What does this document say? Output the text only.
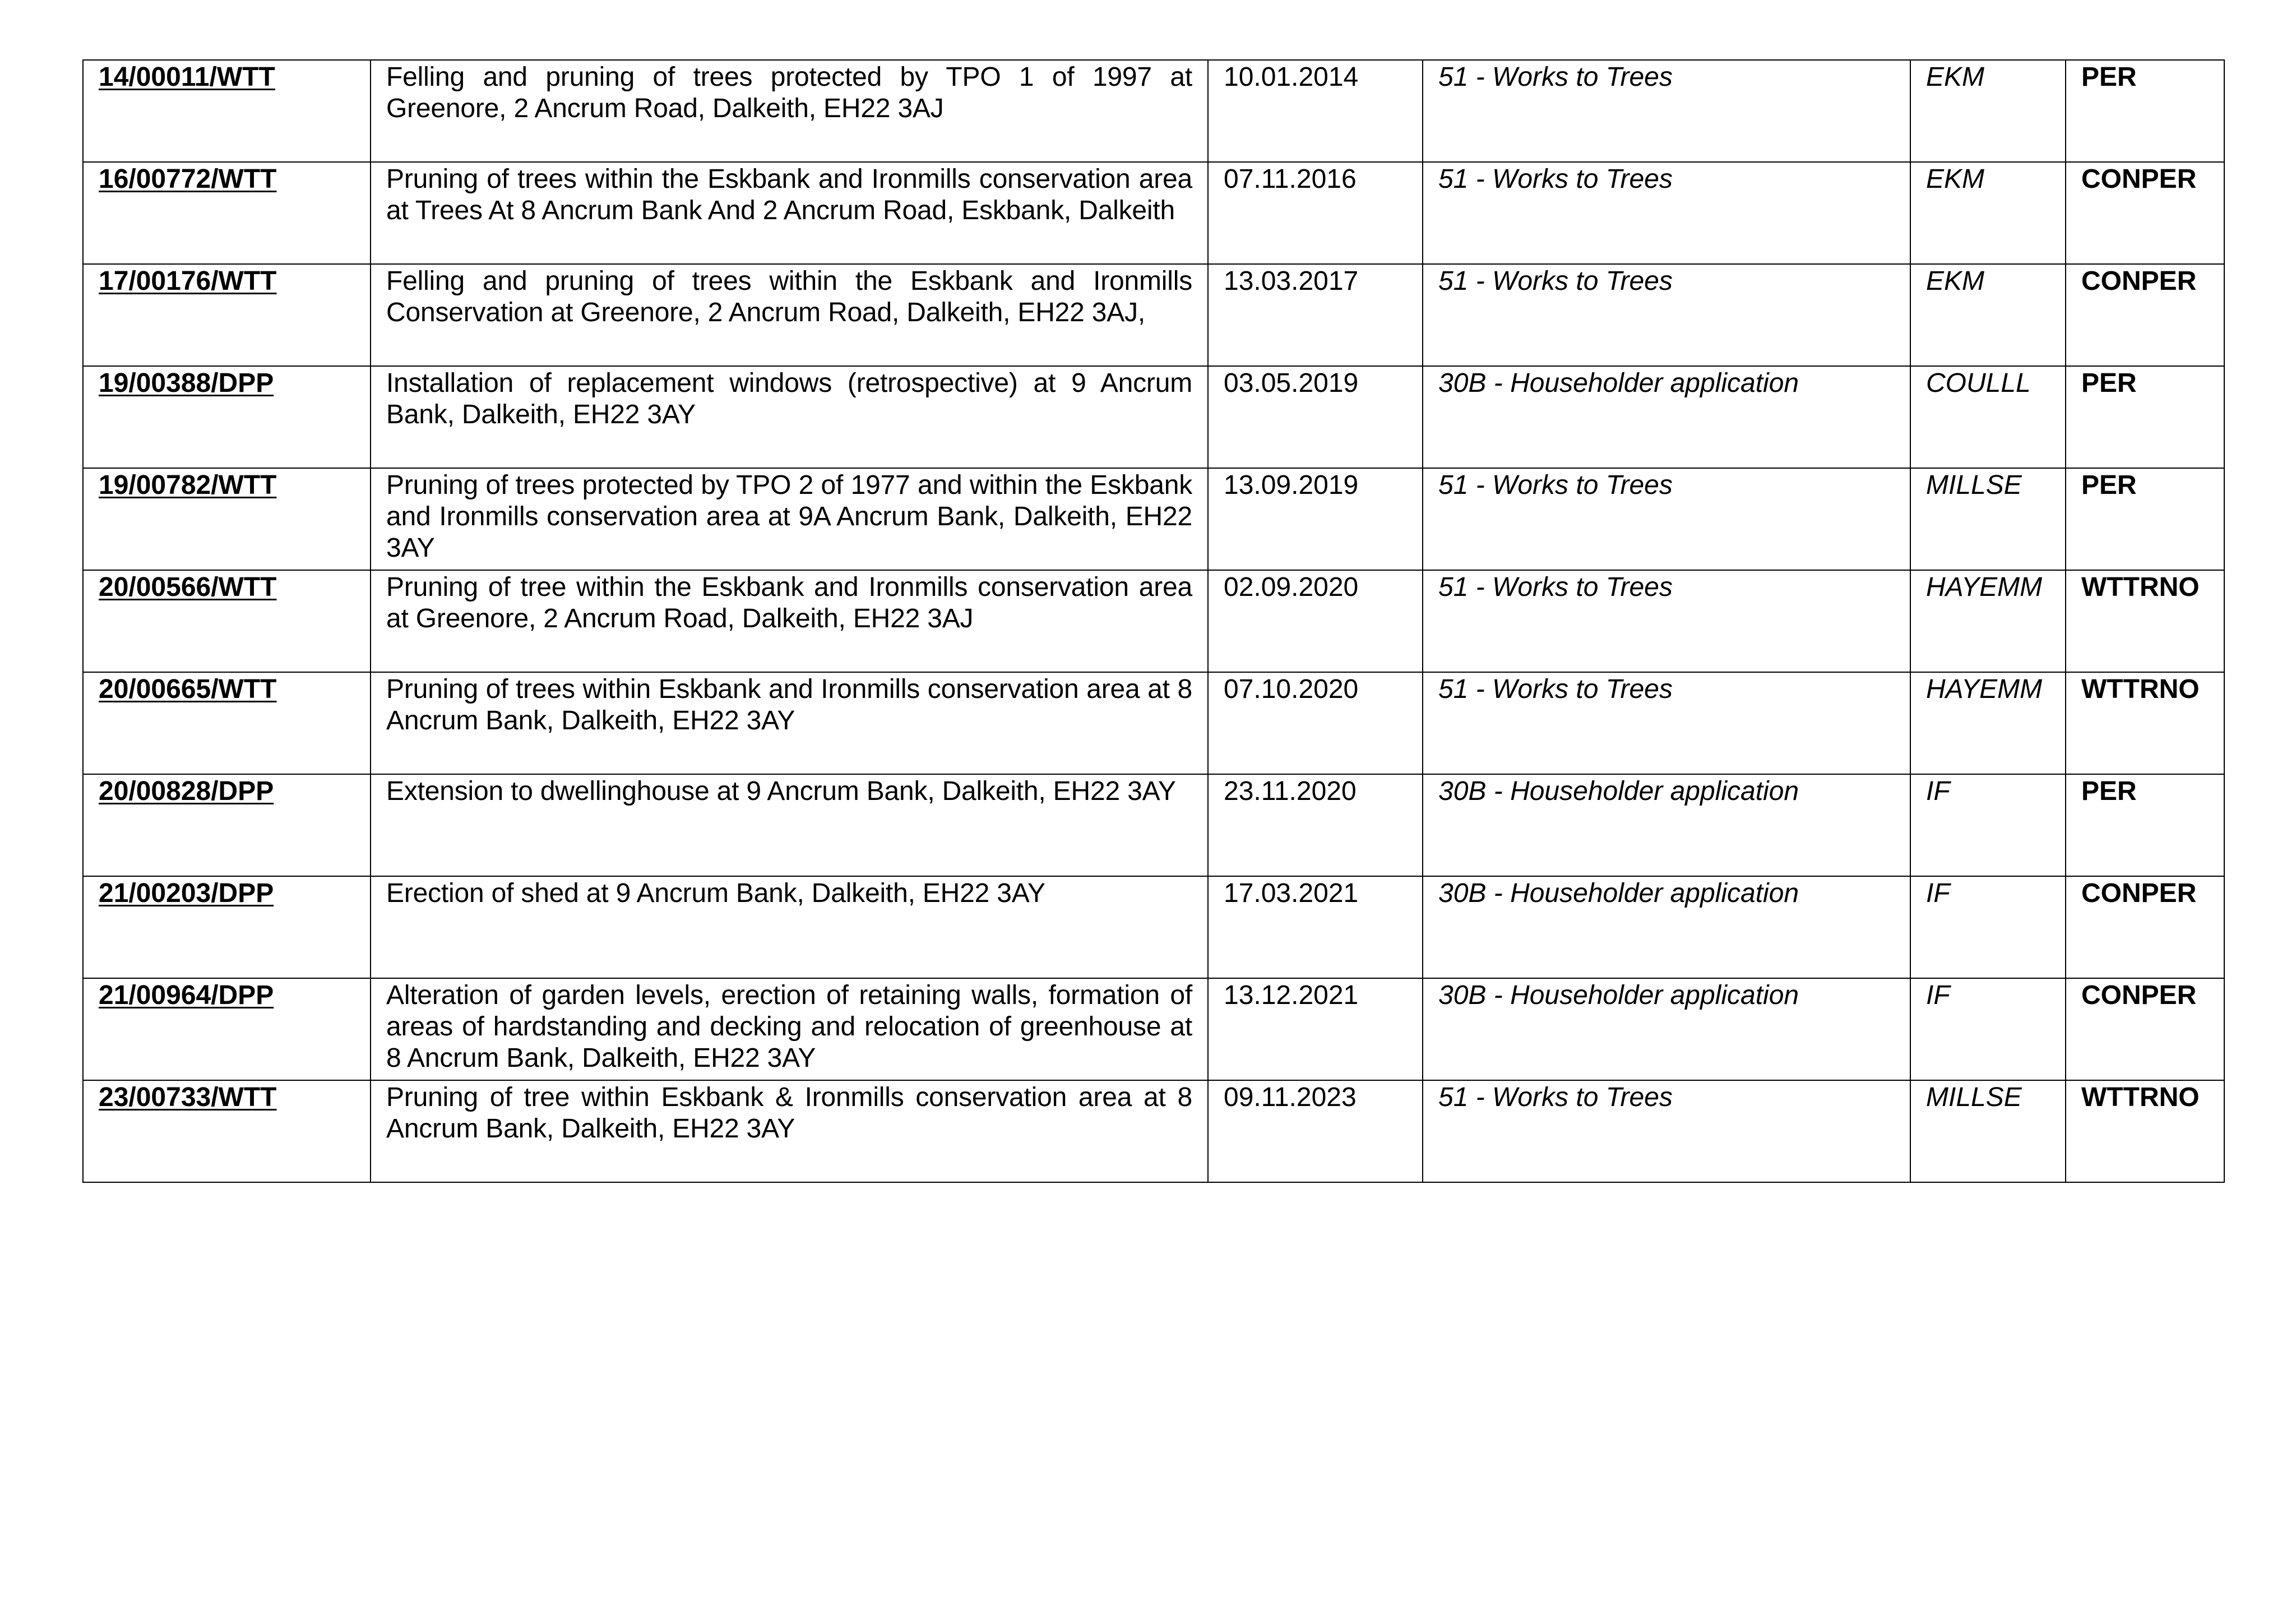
14/00011/WTT	Felling and pruning of trees protected by TPO 1 of 1997 at Greenore, 2 Ancrum Road, Dalkeith, EH22 3AJ	10.01.2014	51 - Works to Trees	EKM	PER

16/00772/WTT	Pruning of trees within the Eskbank and Ironmills conservation area at Trees At 8 Ancrum Bank And 2 Ancrum Road, Eskbank, Dalkeith	07.11.2016	51 - Works to Trees	EKM	CONPER

17/00176/WTT	Felling and pruning of trees within the Eskbank and Ironmills Conservation at Greenore, 2 Ancrum Road, Dalkeith, EH22 3AJ,	13.03.2017	51 - Works to Trees	EKM	CONPER

19/00388/DPP	Installation of replacement windows (retrospective) at 9 Ancrum Bank, Dalkeith, EH22 3AY	03.05.2019	30B - Householder application	COULLL	PER

19/00782/WTT	Pruning of trees protected by TPO 2 of 1977 and within the Eskbank and Ironmills conservation area at 9A Ancrum Bank, Dalkeith, EH22 3AY	13.09.2019	51 - Works to Trees	MILLSE	PER

20/00566/WTT	Pruning of tree within the Eskbank and Ironmills conservation area at Greenore, 2 Ancrum Road, Dalkeith, EH22 3AJ	02.09.2020	51 - Works to Trees	HAYEMM	WTTRNO

20/00665/WTT	Pruning of trees within Eskbank and Ironmills conservation area at 8 Ancrum Bank, Dalkeith, EH22 3AY	07.10.2020	51 - Works to Trees	HAYEMM	WTTRNO

20/00828/DPP	Extension to dwellinghouse at 9 Ancrum Bank, Dalkeith, EH22 3AY	23.11.2020	30B - Householder application	IF	PER

21/00203/DPP	Erection of shed at 9 Ancrum Bank, Dalkeith, EH22 3AY	17.03.2021	30B - Householder application	IF	CONPER

21/00964/DPP	Alteration of garden levels, erection of retaining walls, formation of areas of hardstanding and decking and relocation of greenhouse at 8 Ancrum Bank, Dalkeith, EH22 3AY	13.12.2021	30B - Householder application	IF	CONPER

23/00733/WTT	Pruning of tree within Eskbank & Ironmills conservation area at 8 Ancrum Bank, Dalkeith, EH22 3AY	09.11.2023	51 - Works to Trees	MILLSE	WTTRNO
